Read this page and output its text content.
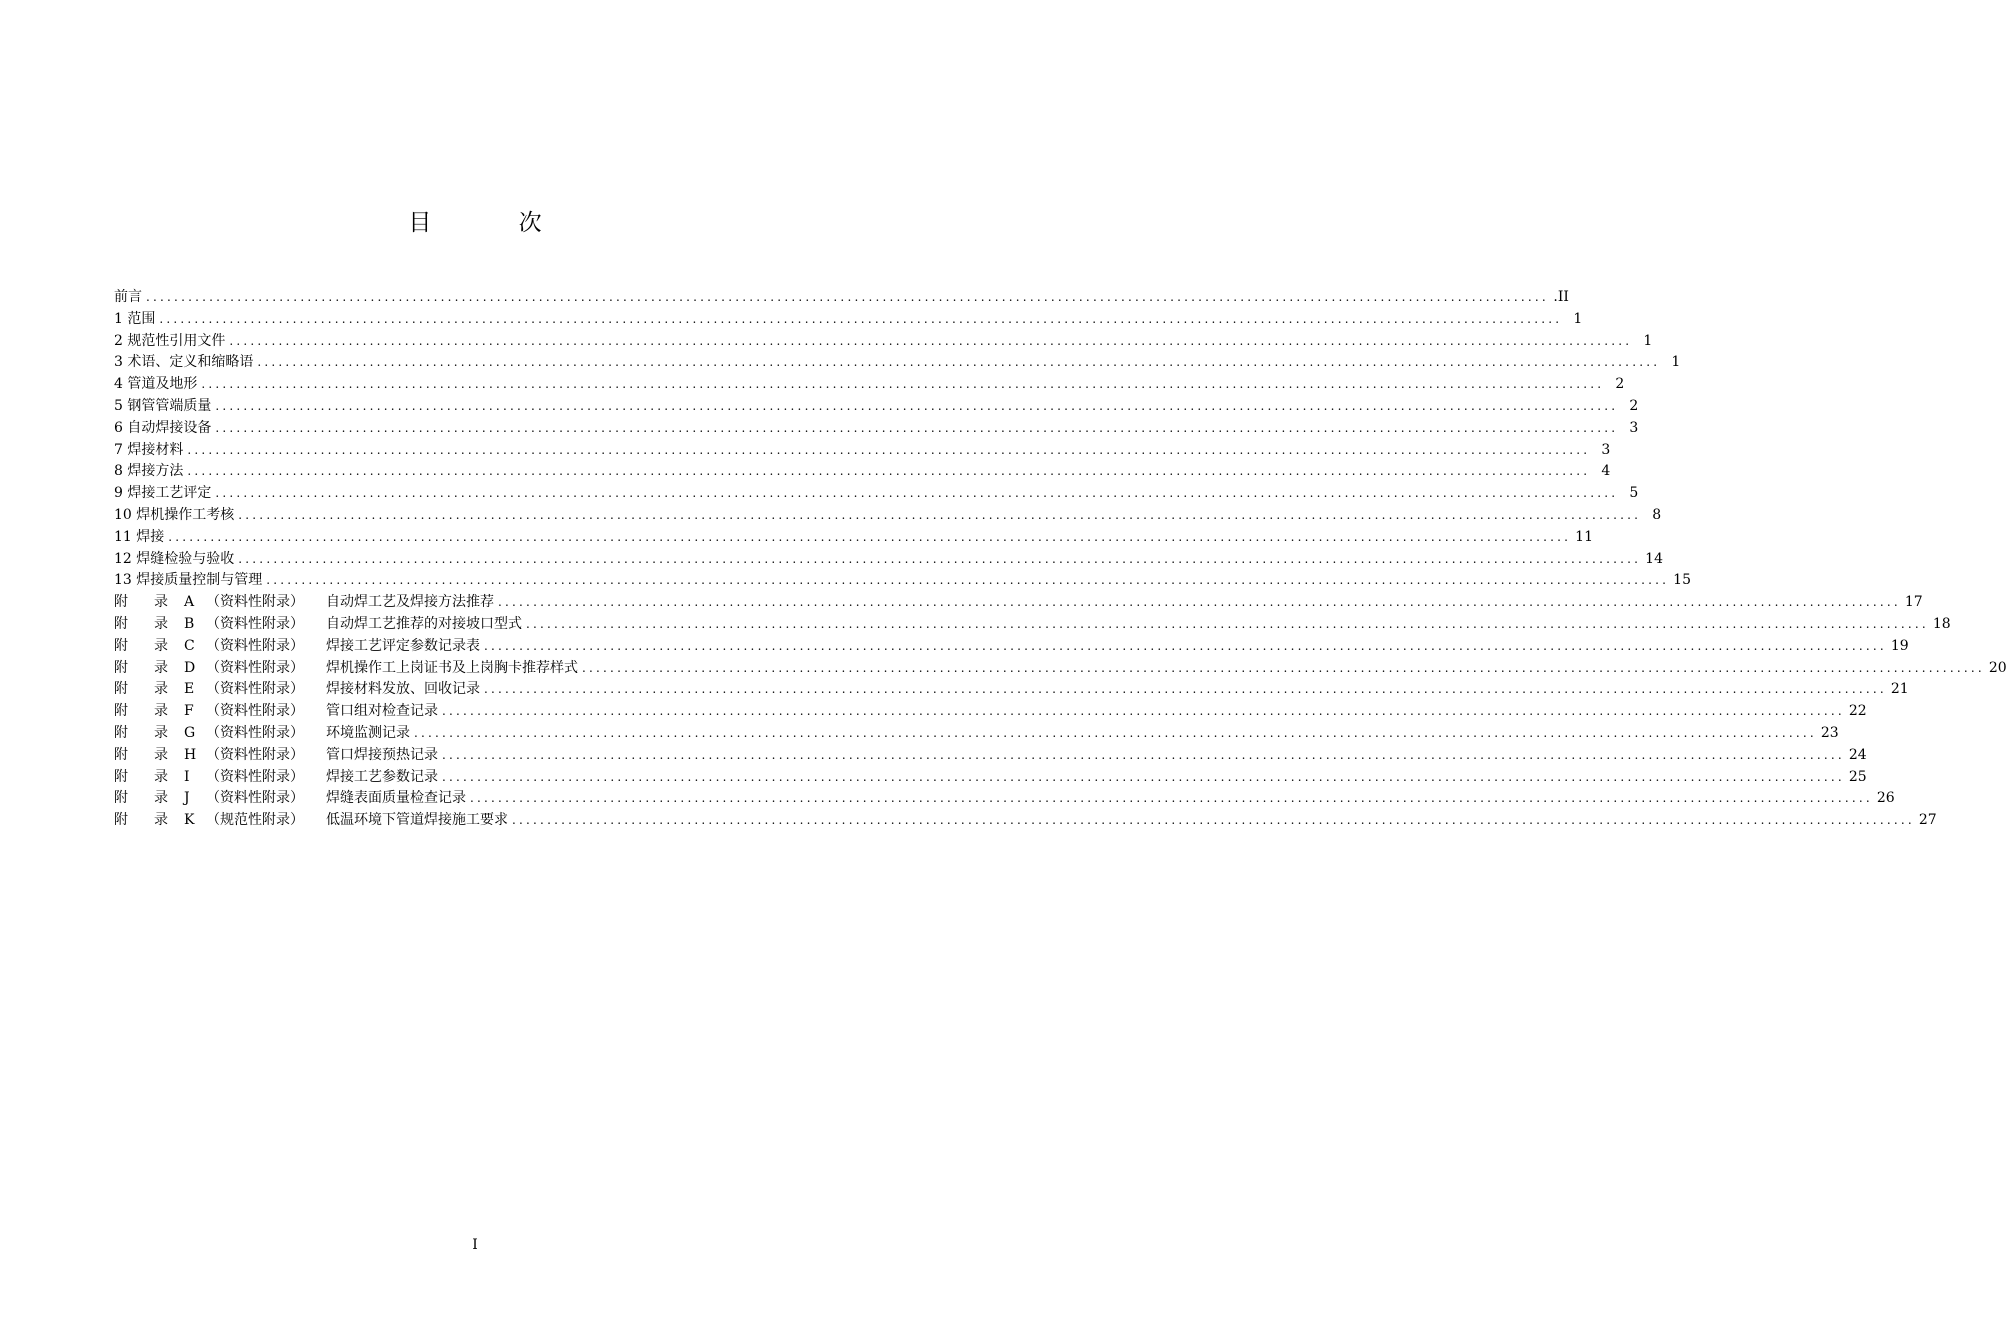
目 次
前言 ........................................................................................................................................................................................................ .II
1 范围 ........................................................................................................................................................................................................ 1
2 规范性引用文件 ........................................................................................................................................................................................................ 1
3 术语、定义和缩略语 ........................................................................................................................................................................................................ 1
4 管道及地形 ........................................................................................................................................................................................................ 2
5 钢管管端质量 ........................................................................................................................................................................................................ 2
6 自动焊接设备 ........................................................................................................................................................................................................ 3
7 焊接材料 ........................................................................................................................................................................................................ 3
8 焊接方法 ........................................................................................................................................................................................................ 4
9 焊接工艺评定 ........................................................................................................................................................................................................ 5
10 焊机操作工考核 ........................................................................................................................................................................................................ 8
11 焊接 ........................................................................................................................................................................................................ 11
12 焊缝检验与验收 ........................................................................................................................................................................................................ 14
13 焊接质量控制与管理 ........................................................................................................................................................................................................ 15
附 录 A （资料性附录） 自动焊工艺及焊接方法推荐 ........................................................................................................................................................................................................ 17
附 录 B （资料性附录） 自动焊工艺推荐的对接坡口型式 ........................................................................................................................................................................................................ 18
附 录 C （资料性附录） 焊接工艺评定参数记录表 ........................................................................................................................................................................................................ 19
附 录 D （资料性附录） 焊机操作工上岗证书及上岗胸卡推荐样式 ........................................................................................................................................................................................................ 20
附 录 E （资料性附录） 焊接材料发放、回收记录 ........................................................................................................................................................................................................ 21
附 录 F （资料性附录） 管口组对检查记录 ........................................................................................................................................................................................................ 22
附 录 G （资料性附录） 环境监测记录 ........................................................................................................................................................................................................ 23
附 录 H （资料性附录） 管口焊接预热记录 ........................................................................................................................................................................................................ 24
附 录 I （资料性附录） 焊接工艺参数记录 ........................................................................................................................................................................................................ 25
附 录 J （资料性附录） 焊缝表面质量检查记录 ........................................................................................................................................................................................................ 26
附 录 K （规范性附录） 低温环境下管道焊接施工要求 ........................................................................................................................................................................................................ 27
I
